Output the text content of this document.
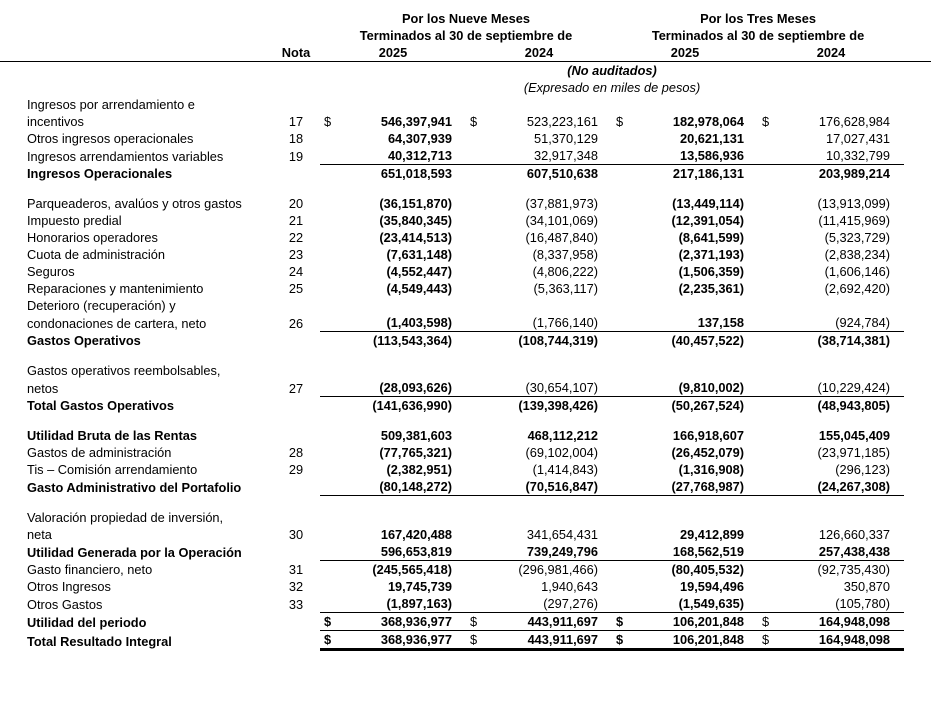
		Por los Nueve Meses				Por los Tres Meses				
		Terminados al 30 de septiembre de				Terminados al 30 de septiembre de				
	Nota	2025		2024		2025		2024		
		(No auditados)								
		(Expresado en miles de pesos)								
Ingresos por arrendamiento e										
incentivos	17	$	546,397,941	$	523,223,161	$	182,978,064	$	176,628,984	
Otros ingresos operacionales	18		64,307,939		51,370,129		20,621,131		17,027,431	
Ingresos arrendamientos variables	19		40,312,713		32,917,348		13,586,936		10,332,799	
Ingresos Operacionales			651,018,593		607,510,638		217,186,131		203,989,214	

Parqueaderos, avalúos y otros gastos	20		(36,151,870)		(37,881,973)		(13,449,114)		(13,913,099)	
Impuesto predial	21		(35,840,345)		(34,101,069)		(12,391,054)		(11,415,969)	
Honorarios operadores	22		(23,414,513)		(16,487,840)		(8,641,599)		(5,323,729)	
Cuota de administración	23		(7,631,148)		(8,337,958)		(2,371,193)		(2,838,234)	
Seguros	24		(4,552,447)		(4,806,222)		(1,506,359)		(1,606,146)	
Reparaciones y mantenimiento	25		(4,549,443)		(5,363,117)		(2,235,361)		(2,692,420)	
Deterioro (recuperación) y										
condonaciones de cartera, neto	26		(1,403,598)		(1,766,140)		137,158		(924,784)	
Gastos Operativos			(113,543,364)		(108,744,319)		(40,457,522)		(38,714,381)	

Gastos operativos reembolsables,										
netos	27		(28,093,626)		(30,654,107)		(9,810,002)		(10,229,424)	
Total Gastos Operativos			(141,636,990)		(139,398,426)		(50,267,524)		(48,943,805)	

Utilidad Bruta de las Rentas			509,381,603		468,112,212		166,918,607		155,045,409	
Gastos de administración	28		(77,765,321)		(69,102,004)		(26,452,079)		(23,971,185)	
Tis – Comisión arrendamiento	29		(2,382,951)		(1,414,843)		(1,316,908)		(296,123)	
Gasto Administrativo del Portafolio			(80,148,272)		(70,516,847)		(27,768,987)		(24,267,308)	

Valoración propiedad de inversión,										
neta	30		167,420,488		341,654,431		29,412,899		126,660,337	
Utilidad Generada por la Operación			596,653,819		739,249,796		168,562,519		257,438,438	
Gasto financiero, neto	31		(245,565,418)		(296,981,466)		(80,405,532)		(92,735,430)	
Otros Ingresos	32		19,745,739		1,940,643		19,594,496		350,870	
Otros Gastos	33		(1,897,163)		(297,276)		(1,549,635)		(105,780)	
Utilidad del periodo		$	368,936,977	$	443,911,697	$	106,201,848	$	164,948,098	
Total Resultado Integral		$	368,936,977	$	443,911,697	$	106,201,848	$	164,948,098	
